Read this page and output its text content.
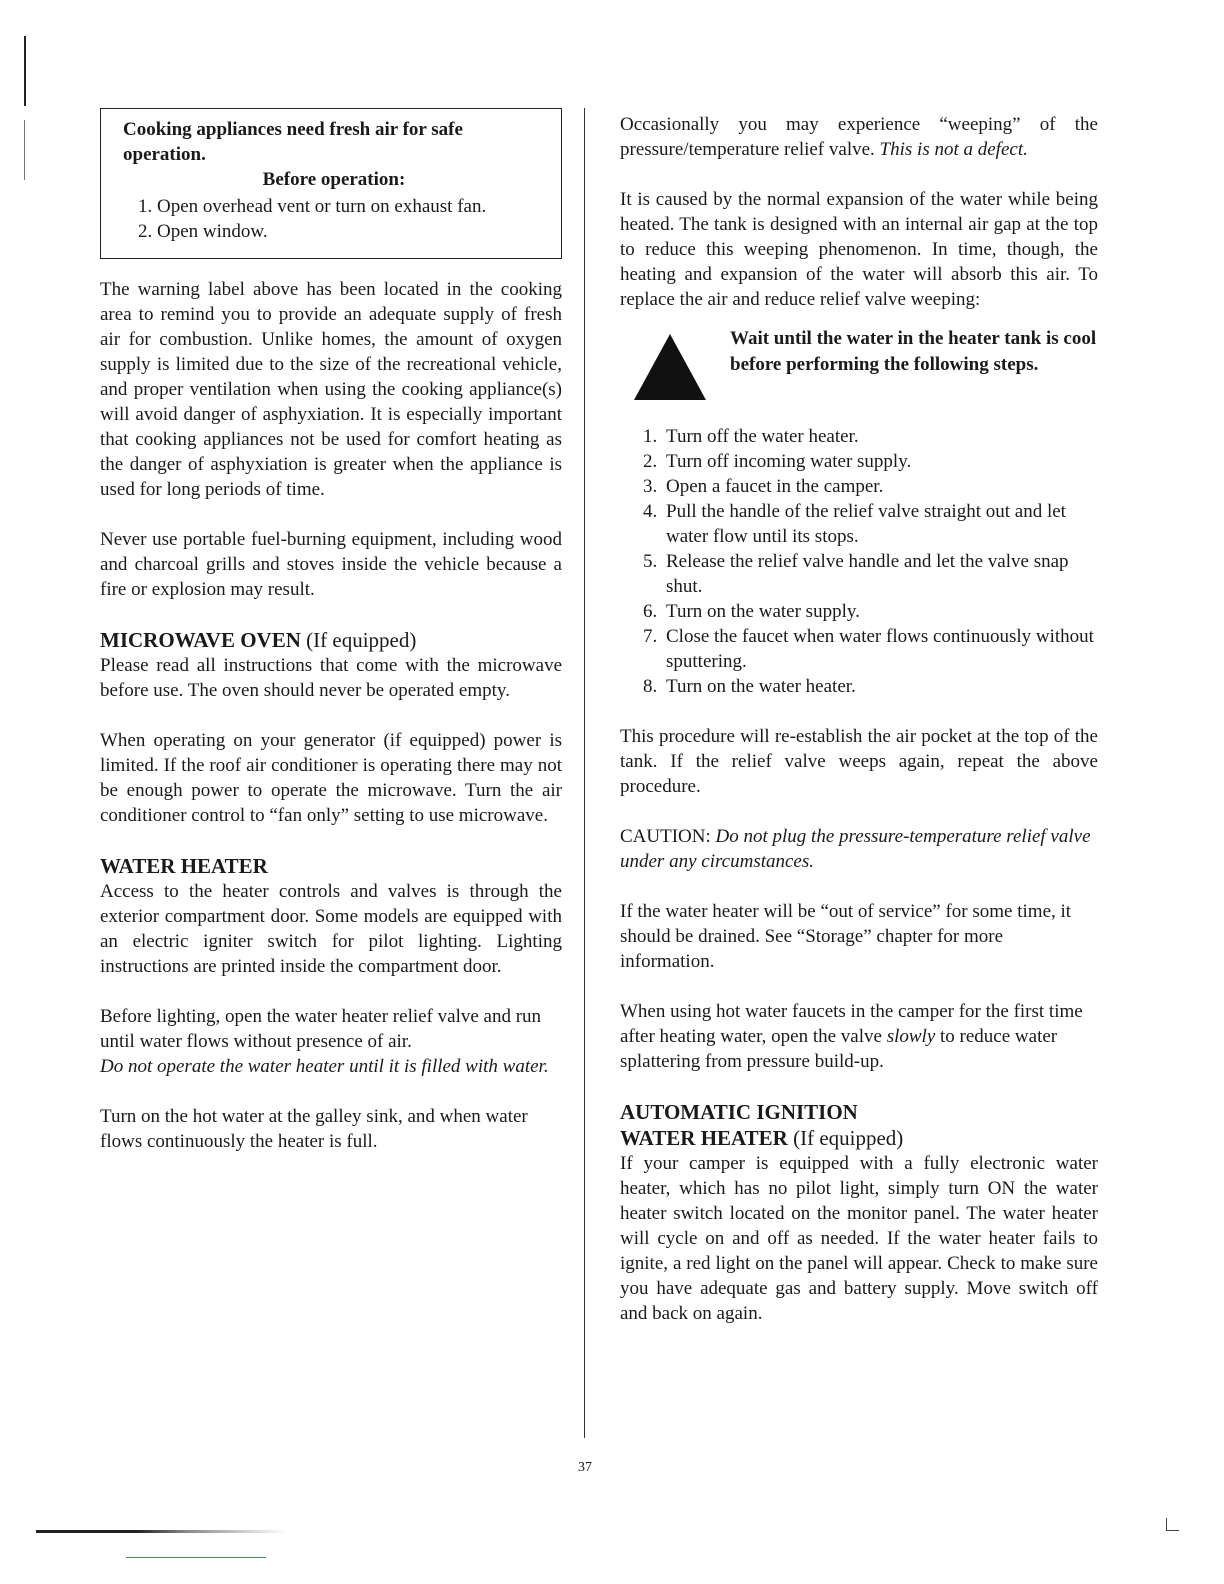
Cooking appliances need fresh air for safe operation.

Before operation:

1. Open overhead vent or turn on exhaust fan.
2. Open window.

The warning label above has been located in the cooking area to remind you to provide an adequate supply of fresh air for combustion. Unlike homes, the amount of oxygen supply is limited due to the size of the recreational vehicle, and proper ventilation when using the cooking appliance(s) will avoid danger of asphyxiation. It is especially important that cooking appliances not be used for comfort heating as the danger of asphyxiation is greater when the appliance is used for long periods of time.

Never use portable fuel-burning equipment, including wood and charcoal grills and stoves inside the vehicle because a fire or explosion may result.

MICROWAVE OVEN (If equipped)

Please read all instructions that come with the microwave before use. The oven should never be operated empty.

When operating on your generator (if equipped) power is limited. If the roof air conditioner is operating there may not be enough power to operate the microwave. Turn the air conditioner control to “fan only” setting to use microwave.

WATER HEATER

Access to the heater controls and valves is through the exterior compartment door. Some models are equipped with an electric igniter switch for pilot lighting. Lighting instructions are printed inside the compartment door.

Before lighting, open the water heater relief valve and run until water flows without presence of air.

Do not operate the water heater until it is filled with water.

Turn on the hot water at the galley sink, and when water flows continuously the heater is full.

Occasionally you may experience “weeping” of the pressure/temperature relief valve. This is not a defect.

It is caused by the normal expansion of the water while being heated. The tank is designed with an internal air gap at the top to reduce this weeping phenomenon. In time, though, the heating and expansion of the water will absorb this air. To replace the air and reduce relief valve weeping:

Wait until the water in the heater tank is cool before performing the following steps.

1. Turn off the water heater.
2. Turn off incoming water supply.
3. Open a faucet in the camper.
4. Pull the handle of the relief valve straight out and let water flow until its stops.
5. Release the relief valve handle and let the valve snap shut.
6. Turn on the water supply.
7. Close the faucet when water flows continuously without sputtering.
8. Turn on the water heater.

This procedure will re-establish the air pocket at the top of the tank. If the relief valve weeps again, repeat the above procedure.

CAUTION: Do not plug the pressure-temperature relief valve under any circumstances.

If the water heater will be “out of service” for some time, it should be drained. See “Storage” chapter for more information.

When using hot water faucets in the camper for the first time after heating water, open the valve slowly to reduce water splattering from pressure build-up.

AUTOMATIC IGNITION
WATER HEATER (If equipped)

If your camper is equipped with a fully electronic water heater, which has no pilot light, simply turn ON the water heater switch located on the monitor panel. The water heater will cycle on and off as needed. If the water heater fails to ignite, a red light on the panel will appear. Check to make sure you have adequate gas and battery supply. Move switch off and back on again.

37
